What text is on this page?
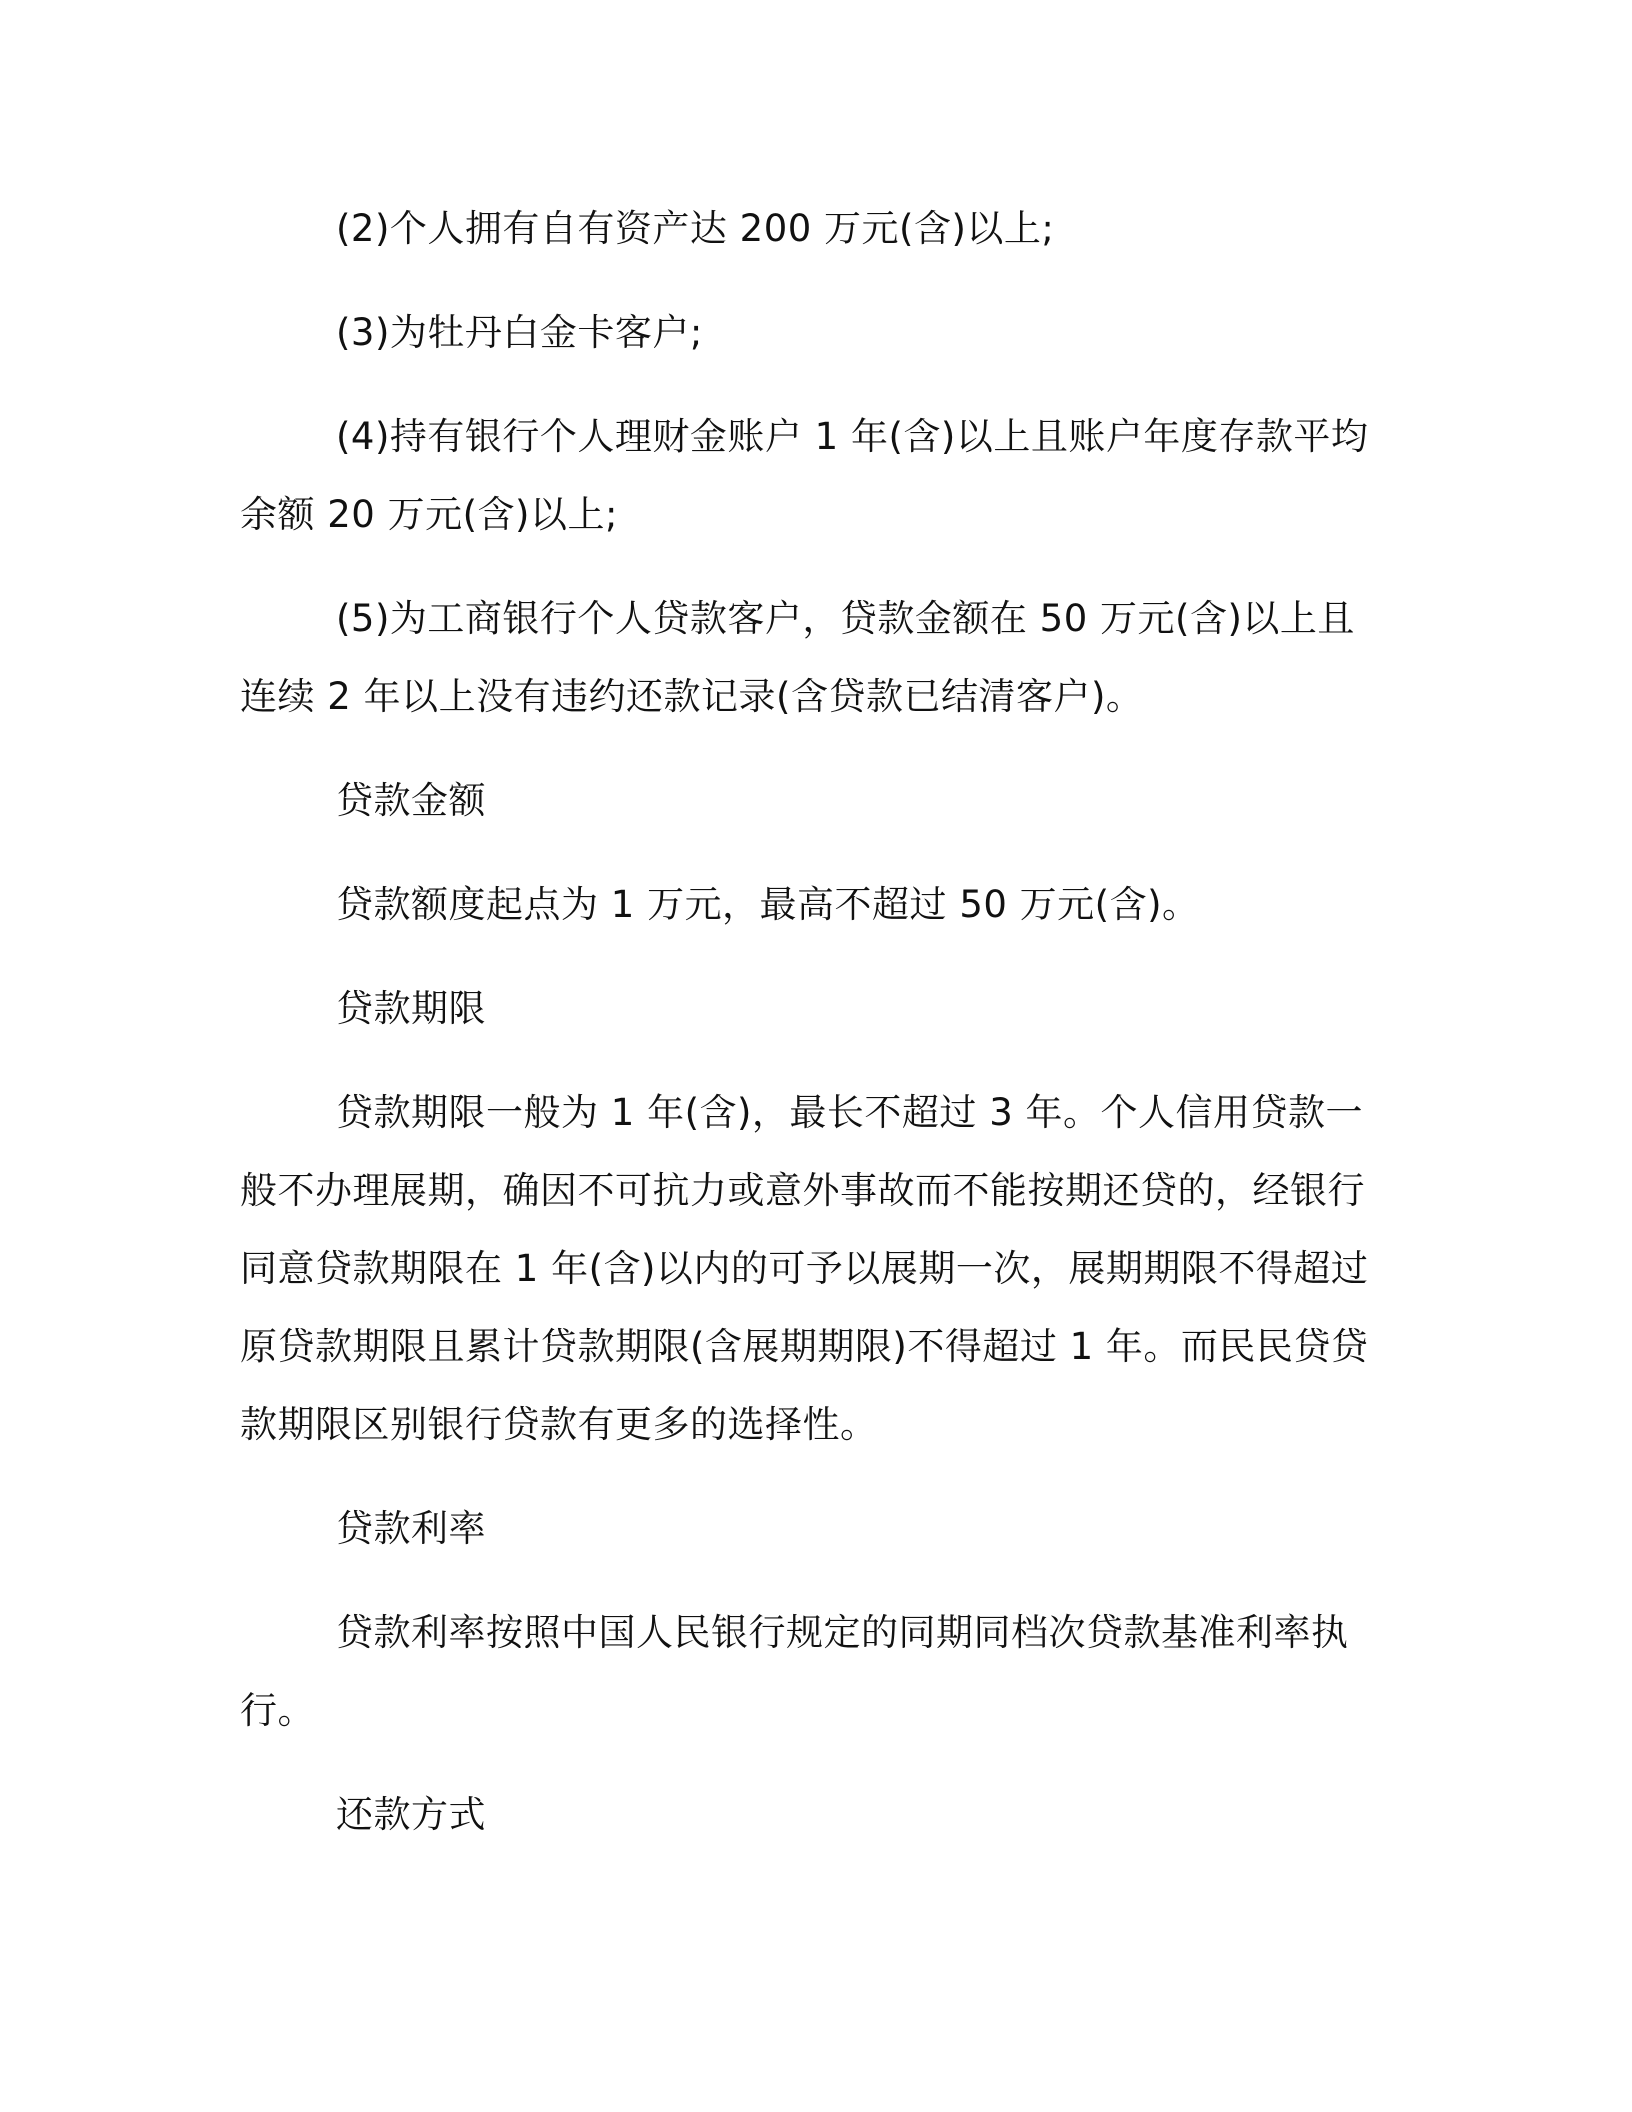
(2)个人拥有自有资产达 200 万元(含)以上;

(3)为牡丹白金卡客户;

(4)持有银行个人理财金账户 1 年(含)以上且账户年度存款平均余额 20 万元(含)以上;

(5)为工商银行个人贷款客户，贷款金额在 50 万元(含)以上且连续 2 年以上没有违约还款记录(含贷款已结清客户)。

贷款金额

贷款额度起点为 1 万元，最高不超过 50 万元(含)。

贷款期限

贷款期限一般为 1 年(含)，最长不超过 3 年。个人信用贷款一般不办理展期，确因不可抗力或意外事故而不能按期还贷的，经银行同意贷款期限在 1 年(含)以内的可予以展期一次，展期期限不得超过原贷款期限且累计贷款期限(含展期期限)不得超过 1 年。而民民贷贷款期限区别银行贷款有更多的选择性。

贷款利率

贷款利率按照中国人民银行规定的同期同档次贷款基准利率执行。

还款方式
